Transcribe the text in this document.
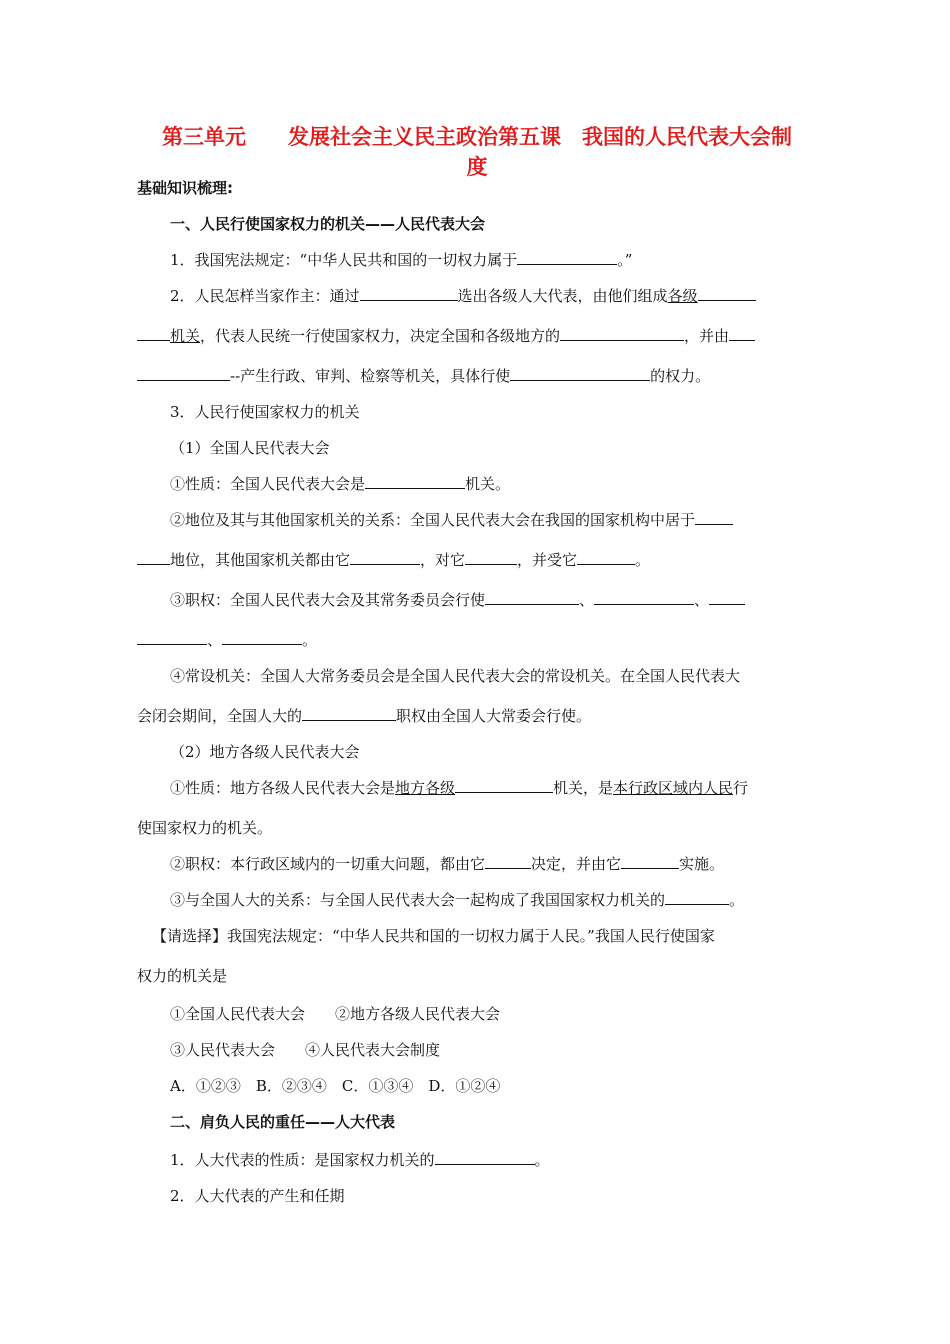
第三单元　　发展社会主义民主政治第五课　我国的人民代表大会制
度
基础知识梳理:
一、人民行使国家权力的机关——人民代表大会
1．我国宪法规定：“中华人民共和国的一切权力属于	。”
2．人民怎样当家作主：通过	选出各级人大代表，由他们组成各级
机关，代表人民统一行使国家权力，决定全国和各级地方的	，并由
--产生行政、审判、检察等机关，具体行使	的权力。
3．人民行使国家权力的机关
（1）全国人民代表大会
①性质：全国人民代表大会是	机关。
②地位及其与其他国家机关的关系：全国人民代表大会在我国的国家机构中居于
地位，其他国家机关都由它	，对它	，并受它	。
③职权：全国人民代表大会及其常务委员会行使	、	、
、	。
④常设机关：全国人大常务委员会是全国人民代表大会的常设机关。在全国人民代表大
会闭会期间，全国人大的	职权由全国人大常委会行使。
（2）地方各级人民代表大会
①性质：地方各级人民代表大会是地方各级	机关，是本行政区域内人民行
使国家权力的机关。
②职权：本行政区域内的一切重大问题，都由它	决定，并由它	实施。
③与全国人大的关系：与全国人民代表大会一起构成了我国国家权力机关的	。
【请选择】我国宪法规定：“中华人民共和国的一切权力属于人民。”我国人民行使国家
权力的机关是
①全国人民代表大会　　②地方各级人民代表大会
③人民代表大会　　④人民代表大会制度
A．①②③　B．②③④　C．①③④　D．①②④
二、肩负人民的重任——人大代表
1．人大代表的性质：是国家权力机关的	。
2．人大代表的产生和任期
